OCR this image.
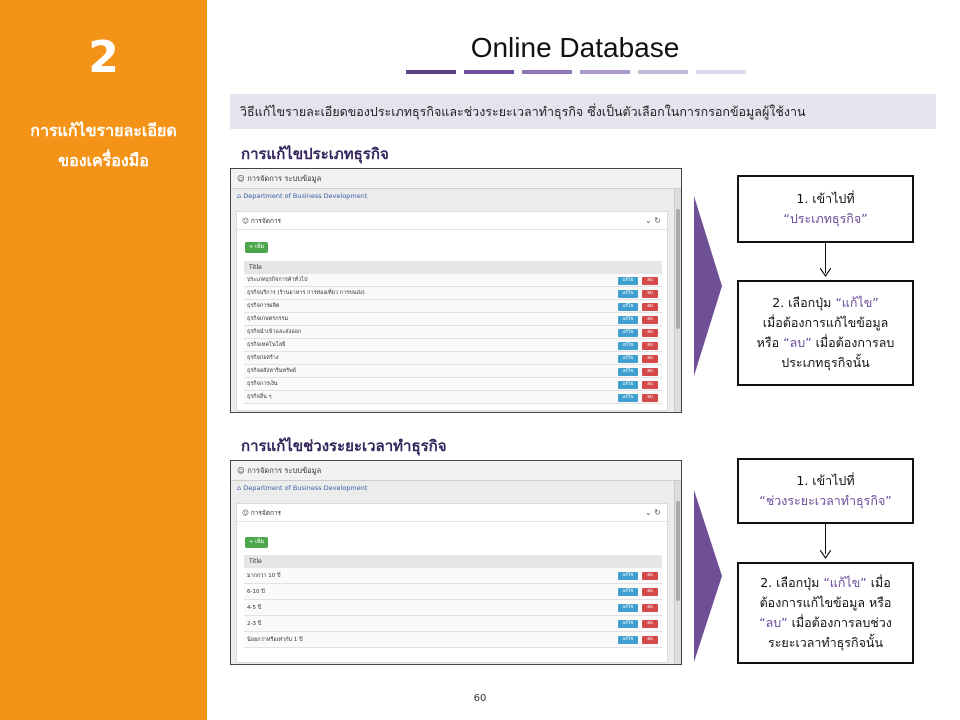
2
การแก้ไขรายละเอียด
ของเครื่องมือ
Online Database
วิธีแก้ไขรายละเอียดของประเภทธุรกิจและช่วงระยะเวลาทำธุรกิจ ซึ่งเป็นตัวเลือกในการกรอกข้อมูลผู้ใช้งาน
การแก้ไขประเภทธุรกิจ
☺ การจัดการ ระบบข้อมูล
⌂ Department of Business Development
☺ การจัดการ	⌄ ↻
+ เพิ่ม
Title
ประเภทธุรกิจการค้าทั่วไป	แก้ไข	ลบ
ธุรกิจบริการ (ร้านอาหาร การท่องเที่ยว การขนส่ง)	แก้ไข	ลบ
ธุรกิจการผลิต	แก้ไข	ลบ
ธุรกิจเกษตรกรรม	แก้ไข	ลบ
ธุรกิจนำเข้าและส่งออก	แก้ไข	ลบ
ธุรกิจเทคโนโลยี	แก้ไข	ลบ
ธุรกิจก่อสร้าง	แก้ไข	ลบ
ธุรกิจอสังหาริมทรัพย์	แก้ไข	ลบ
ธุรกิจการเงิน	แก้ไข	ลบ
ธุรกิจอื่น ๆ	แก้ไข	ลบ
1. เข้าไปที่
“ประเภทธุรกิจ”
2. เลือกปุ่ม “แก้ไข”
เมื่อต้องการแก้ไขข้อมูล
หรือ “ลบ” เมื่อต้องการลบ
ประเภทธุรกิจนั้น
การแก้ไขช่วงระยะเวลาทำธุรกิจ
☺ การจัดการ ระบบข้อมูล
⌂ Department of Business Development
☺ การจัดการ	⌄ ↻
+ เพิ่ม
Title
มากกว่า 10 ปี	แก้ไข	ลบ
6-10 ปี	แก้ไข	ลบ
4-5 ปี	แก้ไข	ลบ
2-3 ปี	แก้ไข	ลบ
น้อยกว่าหรือเท่ากับ 1 ปี	แก้ไข	ลบ
1. เข้าไปที่
“ช่วงระยะเวลาทำธุรกิจ”
2. เลือกปุ่ม “แก้ไข” เมื่อ
ต้องการแก้ไขข้อมูล หรือ
“ลบ” เมื่อต้องการลบช่วง
ระยะเวลาทำธุรกิจนั้น
60
